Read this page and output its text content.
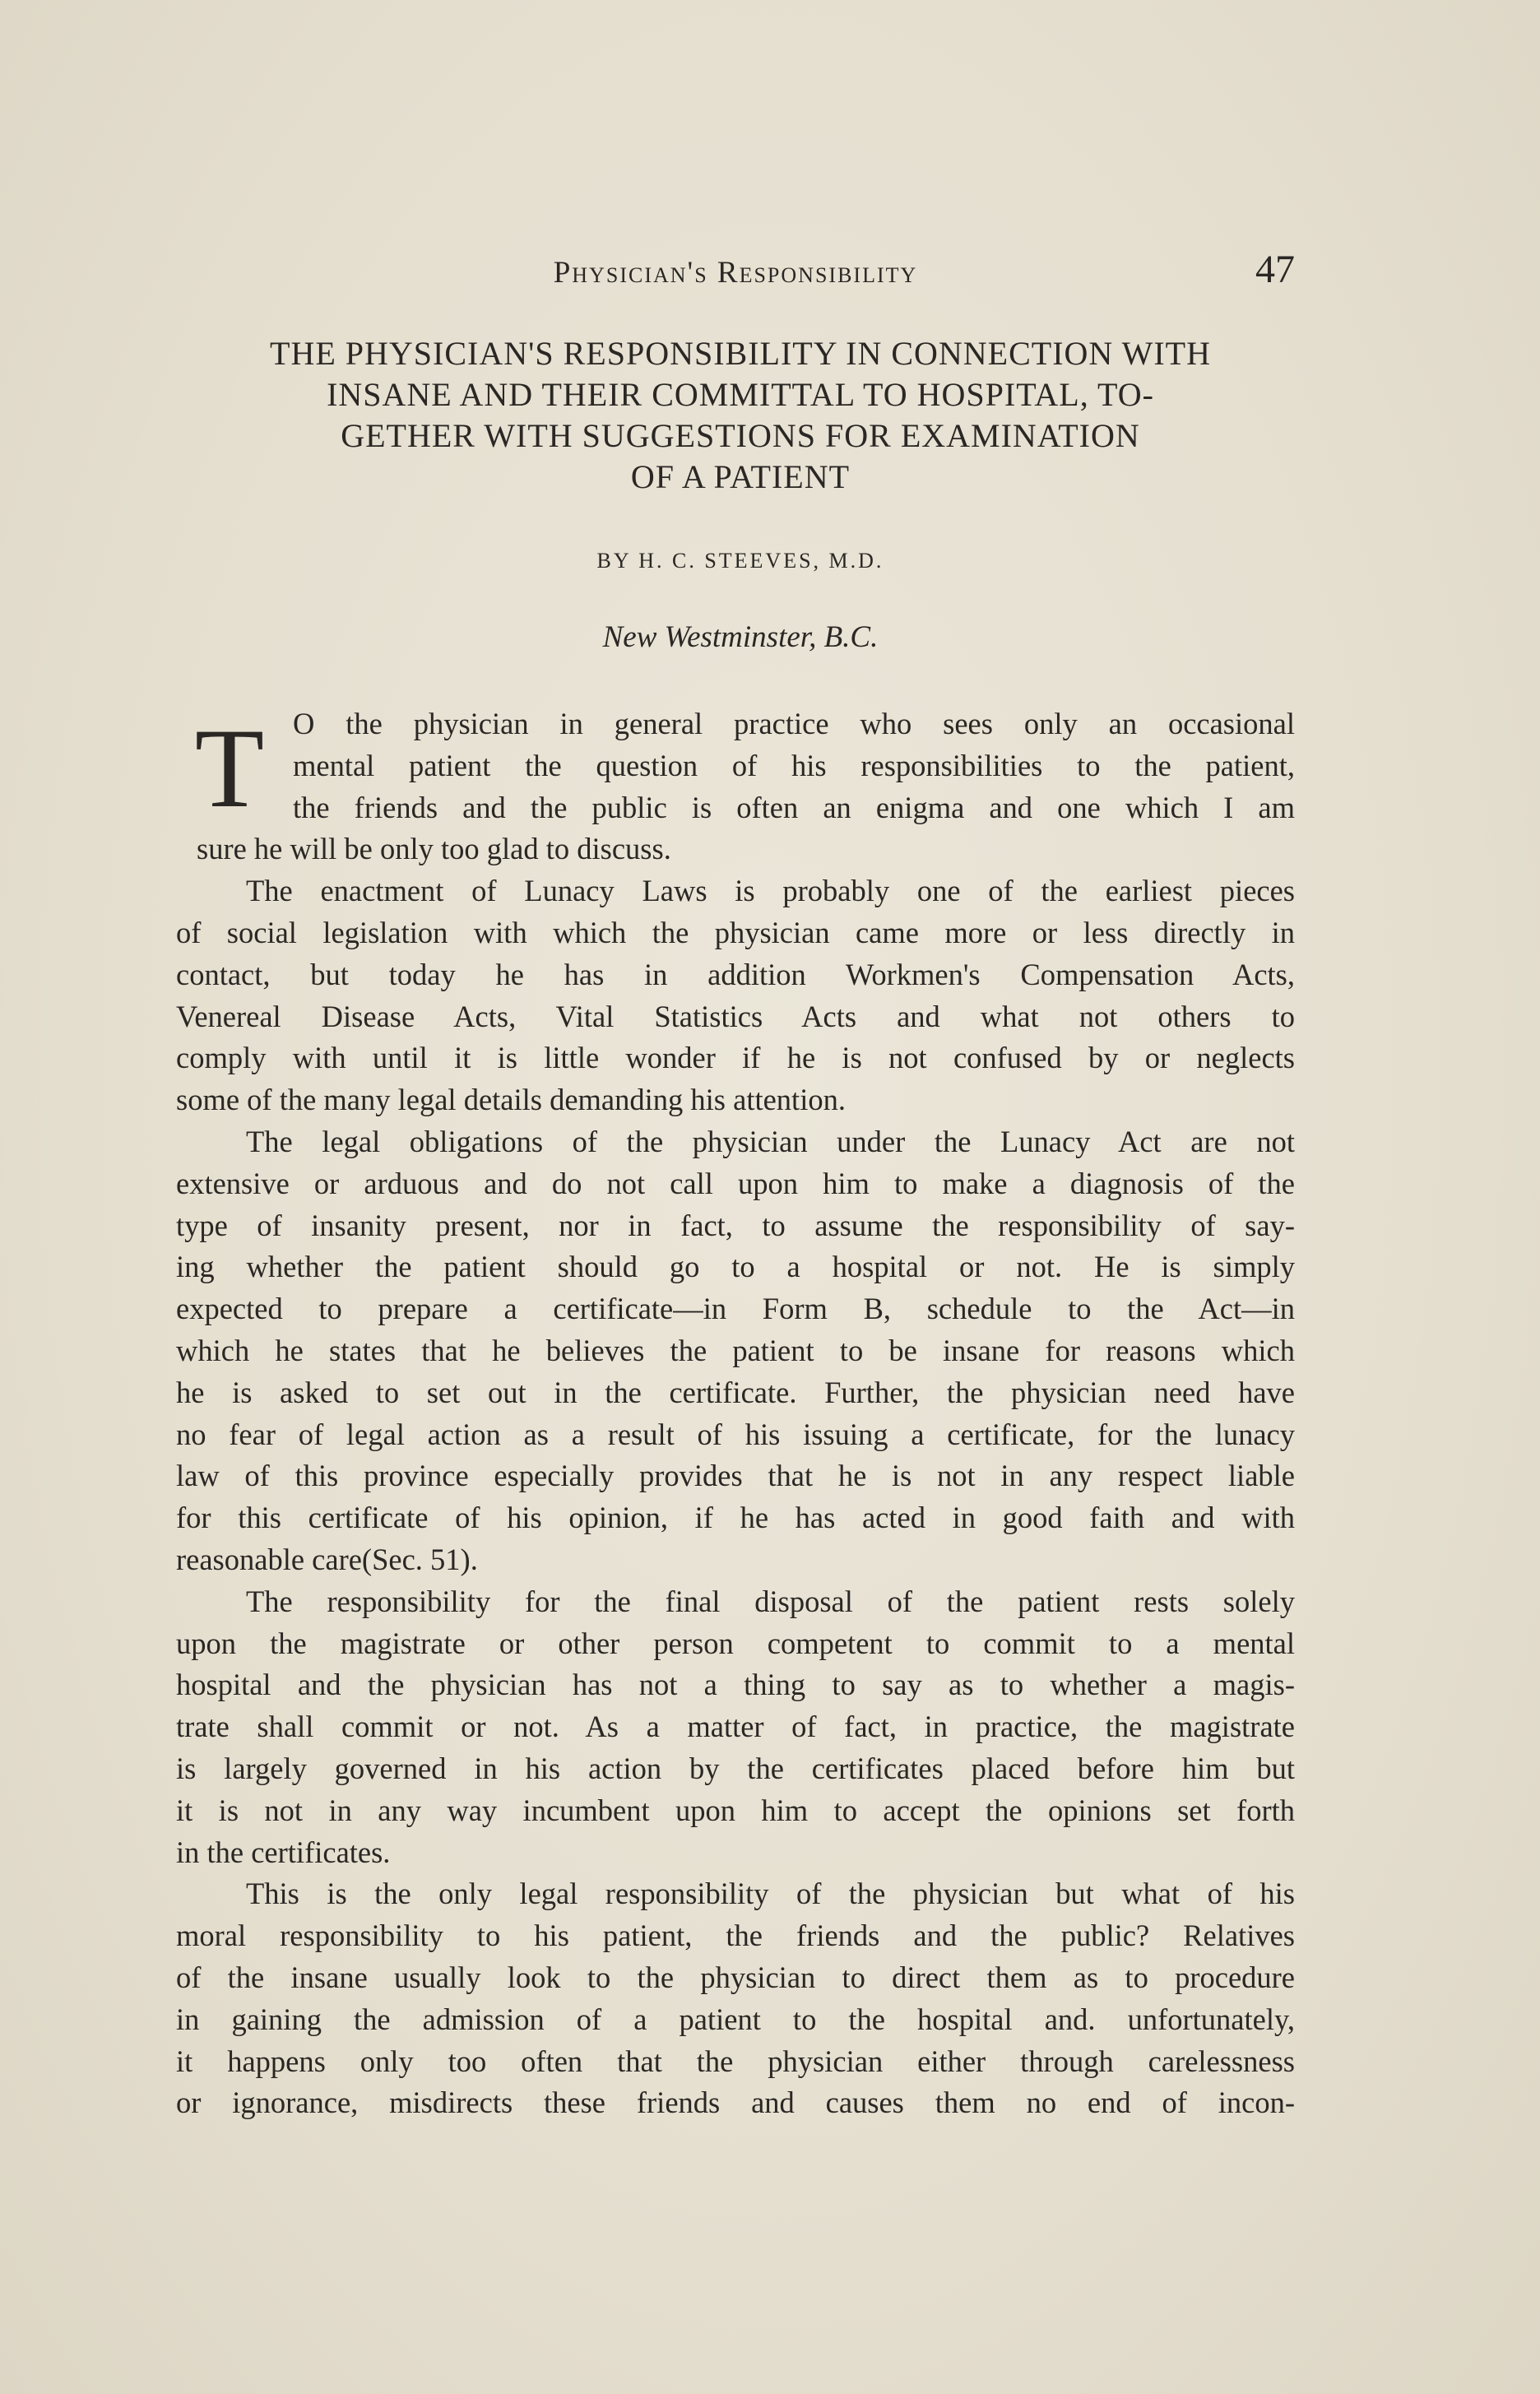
Physician's Responsibility	47
THE PHYSICIAN'S RESPONSIBILITY IN CONNECTION WITH
INSANE AND THEIR COMMITTAL TO HOSPITAL, TO-
GETHER WITH SUGGESTIONS FOR EXAMINATION
OF A PATIENT
BY H. C. STEEVES, M.D.
New Westminster, B.C.
T O the physician in general practice who sees only an occasional
mental patient the question of his responsibilities to the patient,
the friends and the public is often an enigma and one which I am
sure he will be only too glad to discuss.
The enactment of Lunacy Laws is probably one of the earliest pieces
of social legislation with which the physician came more or less directly in
contact, but today he has in addition Workmen's Compensation Acts,
Venereal Disease Acts, Vital Statistics Acts and what not others to
comply with until it is little wonder if he is not confused by or neglects
some of the many legal details demanding his attention.
The legal obligations of the physician under the Lunacy Act are not
extensive or arduous and do not call upon him to make a diagnosis of the
type of insanity present, nor in fact, to assume the responsibility of say-
ing whether the patient should go to a hospital or not. He is simply
expected to prepare a certificate—in Form B, schedule to the Act—in
which he states that he believes the patient to be insane for reasons which
he is asked to set out in the certificate. Further, the physician need have
no fear of legal action as a result of his issuing a certificate, for the lunacy
law of this province especially provides that he is not in any respect liable
for this certificate of his opinion, if he has acted in good faith and with
reasonable care(Sec. 51).
The responsibility for the final disposal of the patient rests solely
upon the magistrate or other person competent to commit to a mental
hospital and the physician has not a thing to say as to whether a magis-
trate shall commit or not. As a matter of fact, in practice, the magistrate
is largely governed in his action by the certificates placed before him but
it is not in any way incumbent upon him to accept the opinions set forth
in the certificates.
This is the only legal responsibility of the physician but what of his
moral responsibility to his patient, the friends and the public? Relatives
of the insane usually look to the physician to direct them as to procedure
in gaining the admission of a patient to the hospital and. unfortunately,
it happens only too often that the physician either through carelessness
or ignorance, misdirects these friends and causes them no end of incon-
